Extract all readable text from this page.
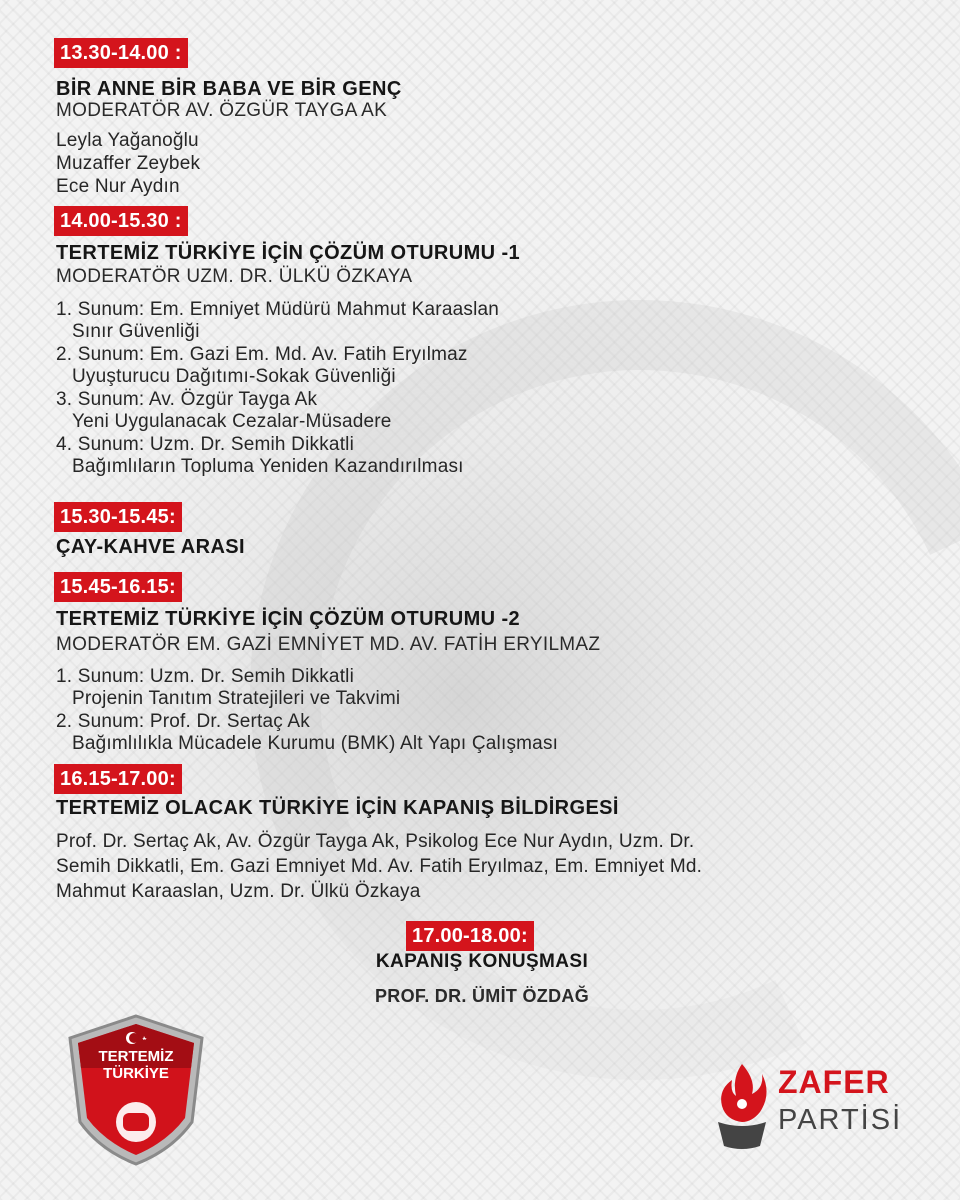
13.30-14.00 :
BİR ANNE BİR BABA VE BİR GENÇ
MODERATÖR AV. ÖZGÜR TAYGA AK
Leyla Yağanoğlu
Muzaffer Zeybek
Ece Nur Aydın
14.00-15.30 :
TERTEMİZ TÜRKİYE İÇİN ÇÖZÜM OTURUMU -1
MODERATÖR UZM. DR. ÜLKÜ ÖZKAYA
1. Sunum: Em. Emniyet Müdürü Mahmut Karaaslan
Sınır Güvenliği
2. Sunum: Em. Gazi Em. Md. Av. Fatih Eryılmaz
Uyuşturucu Dağıtımı-Sokak Güvenliği
3. Sunum: Av. Özgür Tayga Ak
Yeni Uygulanacak Cezalar-Müsadere
4. Sunum: Uzm. Dr. Semih Dikkatli
Bağımlıların Topluma Yeniden Kazandırılması
15.30-15.45:
ÇAY-KAHVE ARASI
15.45-16.15:
TERTEMİZ TÜRKİYE İÇİN ÇÖZÜM OTURUMU -2
MODERATÖR EM. GAZİ EMNİYET MD. AV. FATİH ERYILMAZ
1. Sunum: Uzm. Dr. Semih Dikkatli
Projenin Tanıtım Stratejileri ve Takvimi
2. Sunum: Prof. Dr. Sertaç Ak
Bağımlılıkla Mücadele Kurumu (BMK) Alt Yapı Çalışması
16.15-17.00:
TERTEMİZ OLACAK TÜRKİYE İÇİN KAPANIŞ BİLDİRGESİ
Prof. Dr. Sertaç Ak, Av. Özgür Tayga Ak, Psikolog Ece Nur Aydın, Uzm. Dr.
Semih Dikkatli, Em. Gazi Emniyet Md. Av. Fatih Eryılmaz, Em. Emniyet Md.
Mahmut Karaaslan, Uzm. Dr. Ülkü Özkaya
17.00-18.00:
KAPANIŞ KONUŞMASI
PROF. DR. ÜMİT ÖZDAĞ
TERTEMİZ
TÜRKİYE	ZAFER
PARTİSİ
